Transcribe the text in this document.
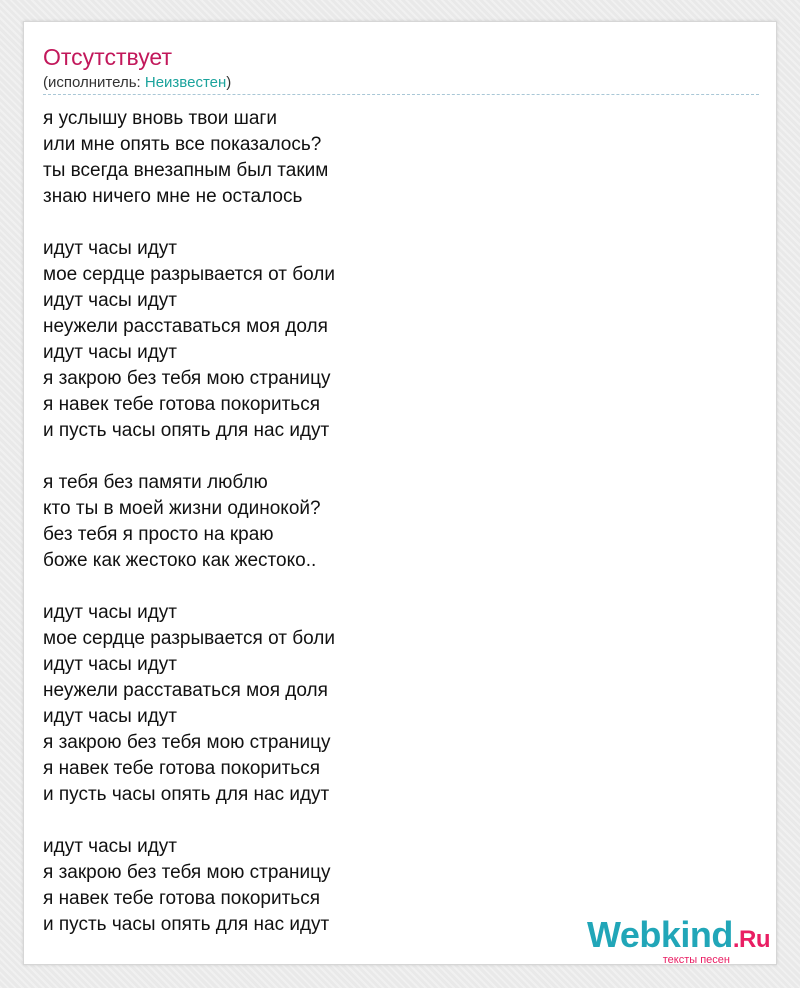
Отсутствует
(исполнитель: Неизвестен)
я услышу вновь твои шаги
или мне опять все показалось?
ты всегда внезапным был таким
знаю ничего мне не осталось
идут часы идут
мое сердце разрывается от боли
идут часы идут
неужели расставаться моя доля
идут часы идут
я закрою без тебя мою страницу
я навек тебе готова покориться
и пусть часы опять для нас идут
я тебя без памяти люблю
кто ты в моей жизни одинокой?
без тебя я просто на краю
боже как жестоко как жестоко..
идут часы идут
мое сердце разрывается от боли
идут часы идут
неужели расставаться моя доля
идут часы идут
я закрою без тебя мою страницу
я навек тебе готова покориться
и пусть часы опять для нас идут
идут часы идут
я закрою без тебя мою страницу
я навек тебе готова покориться
и пусть часы опять для нас идут	Webkind.Ru
тексты песен
